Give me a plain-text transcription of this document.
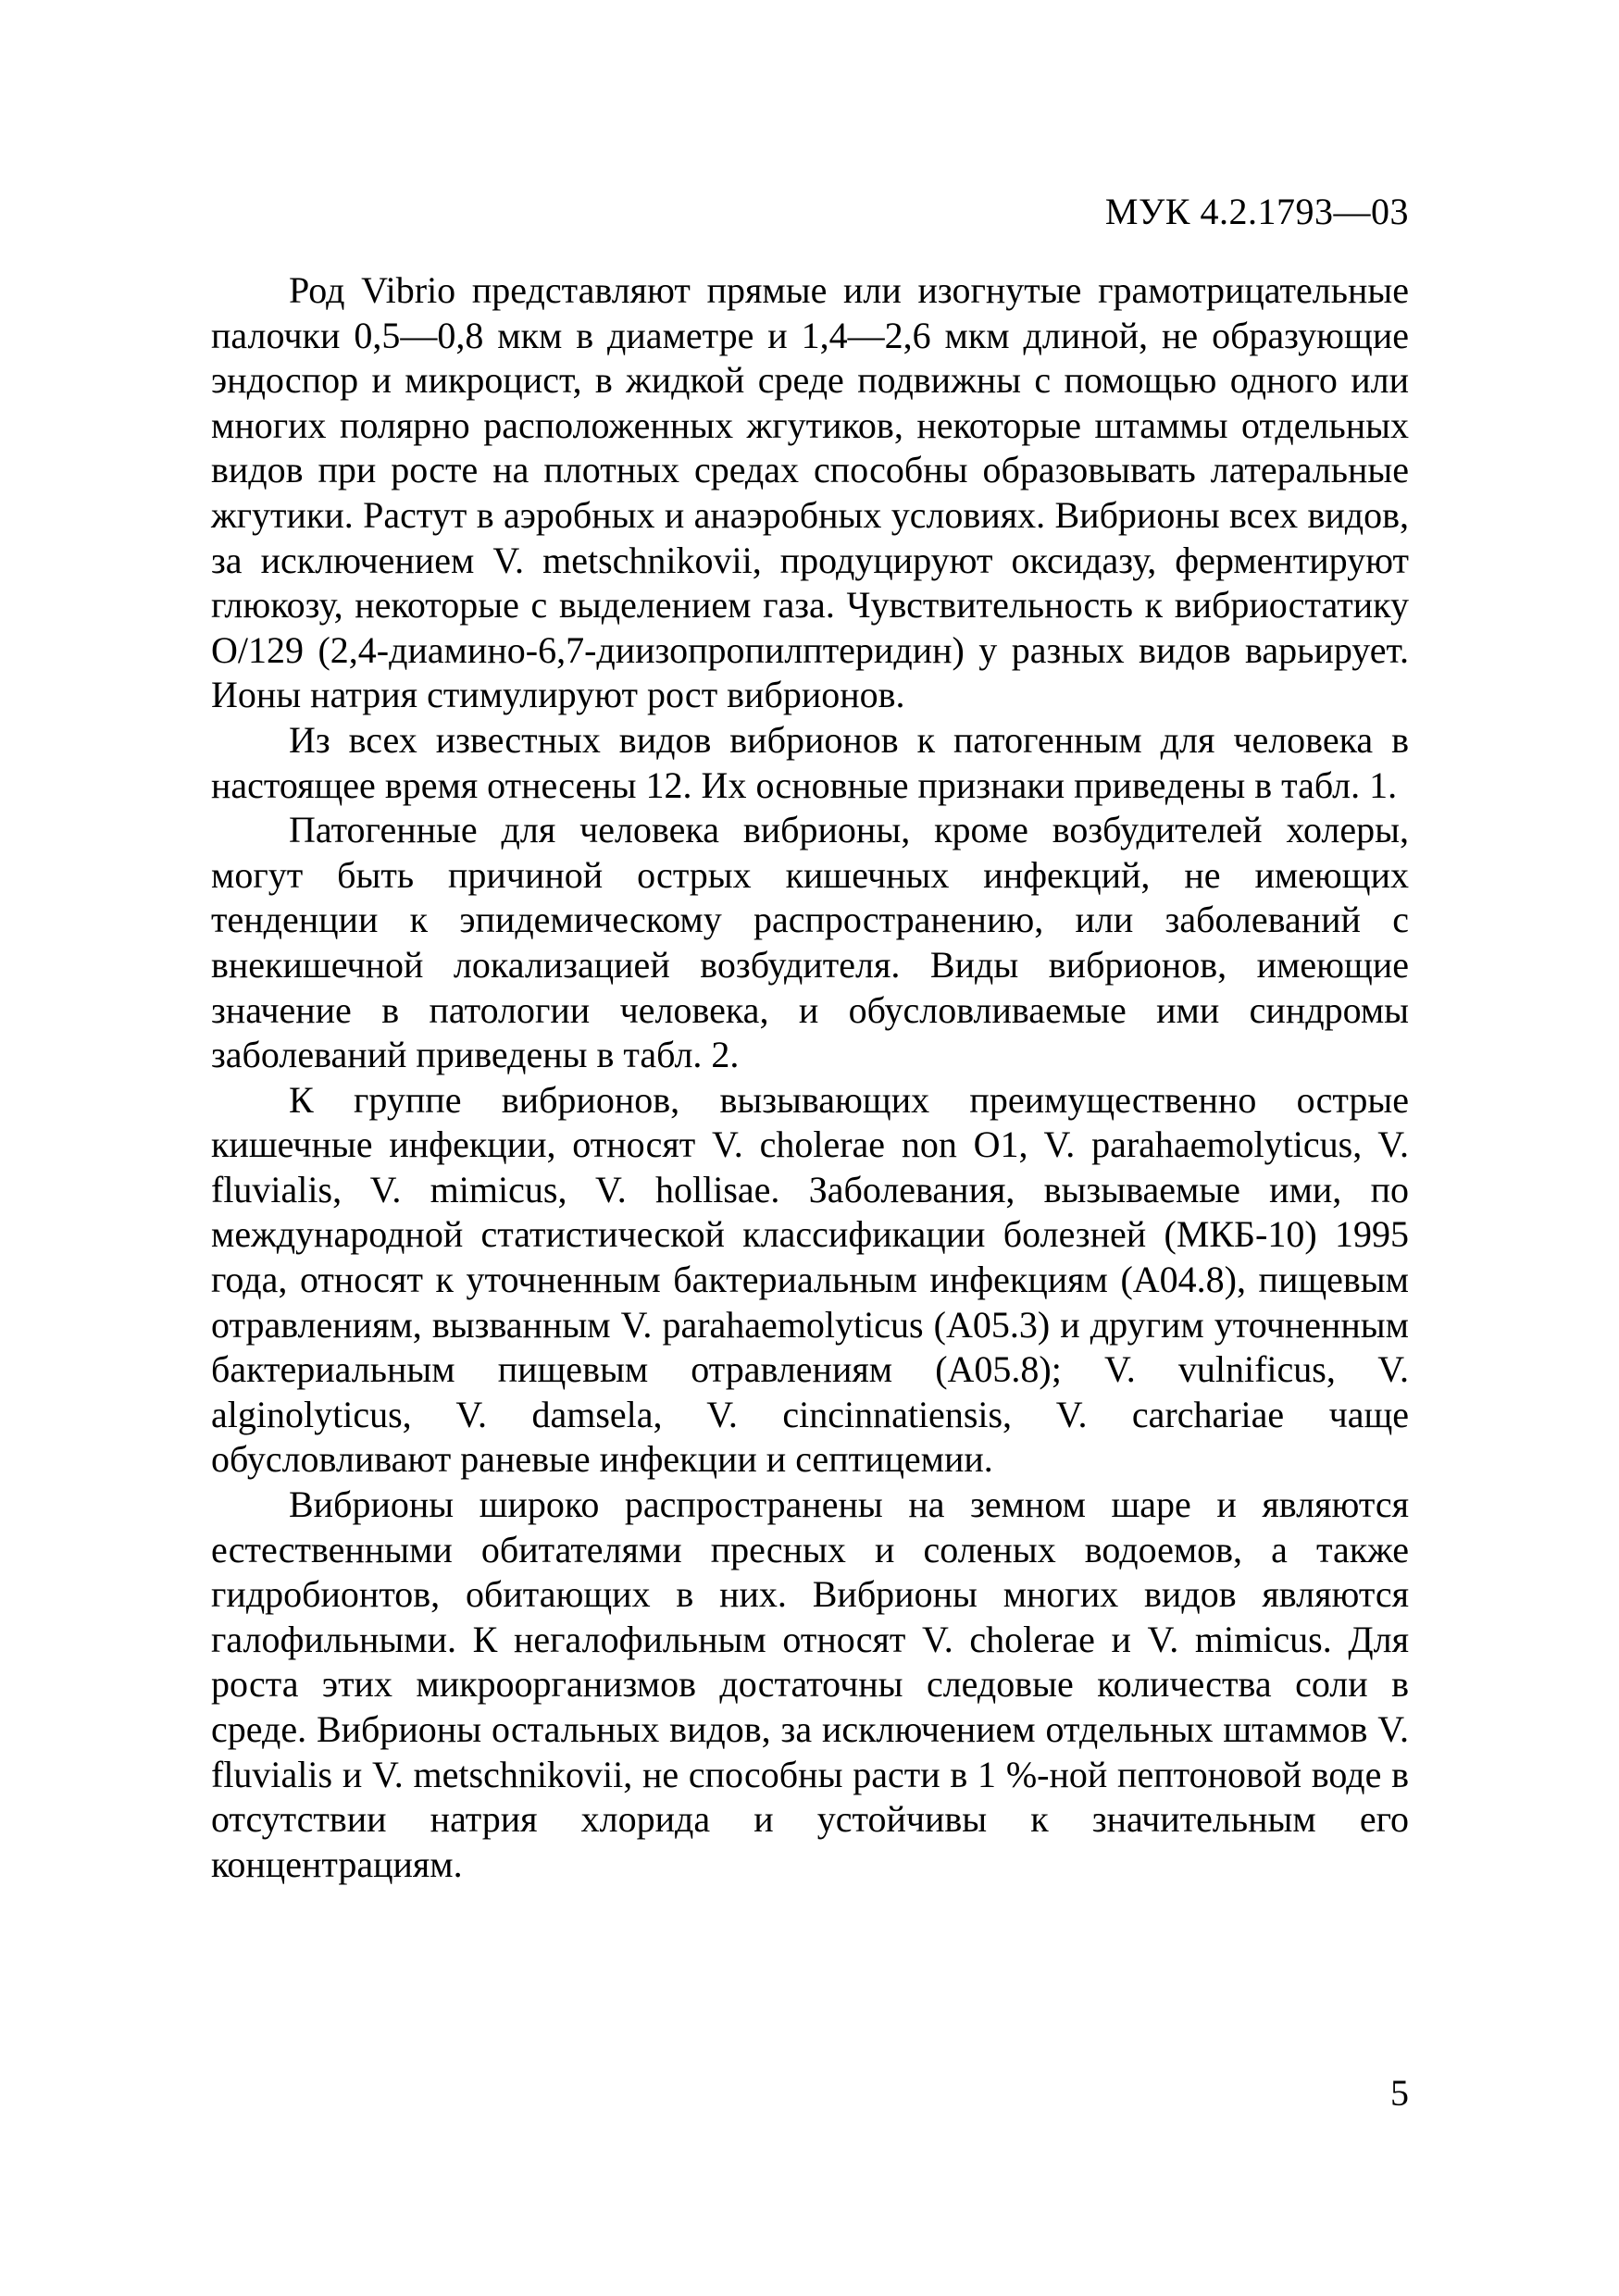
МУК 4.2.1793—03

Род Vibrio представляют прямые или изогнутые грамотрицательные палочки 0,5—0,8 мкм в диаметре и 1,4—2,6 мкм длиной, не образующие эндоспор и микроцист, в жидкой среде подвижны с помощью одного или многих полярно расположенных жгутиков, некоторые штаммы отдельных видов при росте на плотных средах способны образовывать латеральные жгутики. Растут в аэробных и анаэробных условиях. Вибрионы всех видов, за исключением V. metschnikovii, продуцируют оксидазу, ферментируют глюкозу, некоторые с выделением газа. Чувствительность к вибриостатику О/129 (2,4-диамино-6,7-диизопропилптеридин) у разных видов варьирует. Ионы натрия стимулируют рост вибрионов.

Из всех известных видов вибрионов к патогенным для человека в настоящее время отнесены 12. Их основные признаки приведены в табл. 1.

Патогенные для человека вибрионы, кроме возбудителей холеры, могут быть причиной острых кишечных инфекций, не имеющих тенденции к эпидемическому распространению, или заболеваний с внекишечной локализацией возбудителя. Виды вибрионов, имеющие значение в патологии человека, и обусловливаемые ими синдромы заболеваний приведены в табл. 2.

К группе вибрионов, вызывающих преимущественно острые кишечные инфекции, относят V. cholerae non O1, V. parahaemolyticus, V. fluvialis, V. mimicus, V. hollisae. Заболевания, вызываемые ими, по международной статистической классификации болезней (МКБ-10) 1995 года, относят к уточненным бактериальным инфекциям (А04.8), пищевым отравлениям, вызванным V. parahaemolyticus (А05.3) и другим уточненным бактериальным пищевым отравлениям (А05.8); V. vulnificus, V. alginolyticus, V. damsela, V. cincinnatiensis, V. carchariae чаще обусловливают раневые инфекции и септицемии.

Вибрионы широко распространены на земном шаре и являются естественными обитателями пресных и соленых водоемов, а также гидробионтов, обитающих в них. Вибрионы многих видов являются галофильными. К негалофильным относят V. cholerae и V. mimicus. Для роста этих микроорганизмов достаточны следовые количества соли в среде. Вибрионы остальных видов, за исключением отдельных штаммов V. fluvialis и V. metschnikovii, не способны расти в 1 %-ной пептоновой воде в отсутствии натрия хлорида и устойчивы к значительным его концентрациям.

5
